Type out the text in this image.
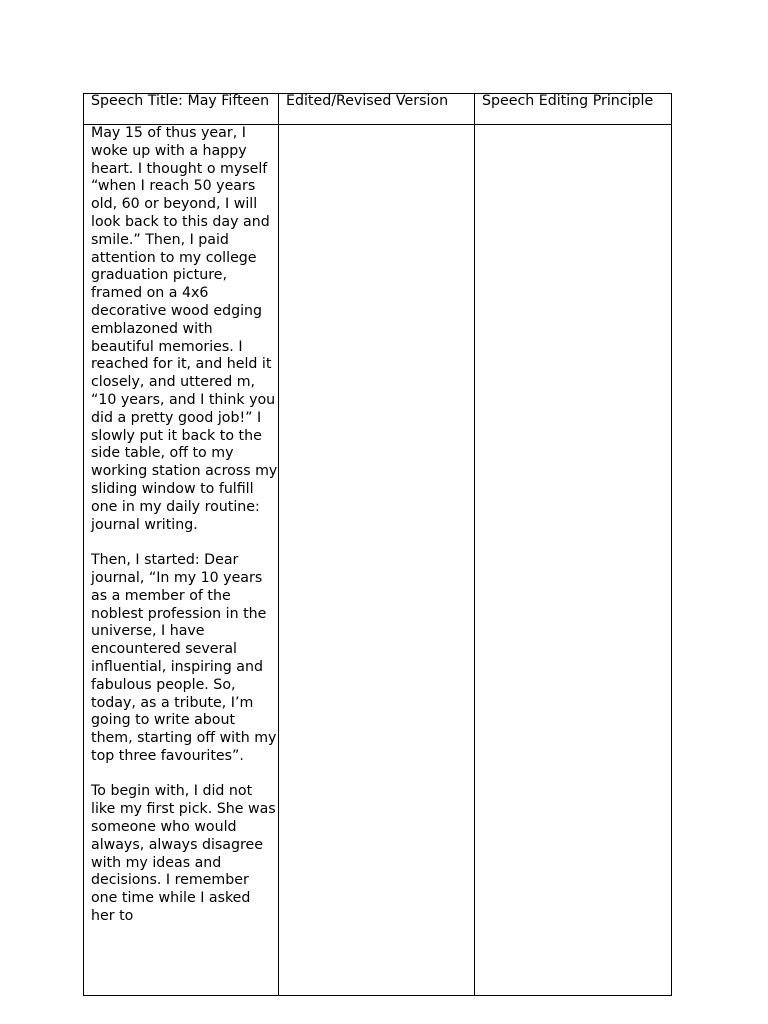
Speech Title: May Fifteen	Edited/Revised Version	Speech Editing Principle

May 15 of thus year, I woke up with a happy heart. I thought o myself “when I reach 50 years old, 60 or beyond, I will look back to this day and smile.” Then, I paid attention to my college graduation picture, framed on a 4x6 decorative wood edging emblazoned with beautiful memories. I reached for it, and held it closely, and uttered m, “10 years, and I think you did a pretty good job!” I slowly put it back to the side table, off to my working station across my sliding window to fulfill one in my daily routine: journal writing.

Then, I started: Dear journal, “In my 10 years as a member of the noblest profession in the universe, I have encountered several influential, inspiring and fabulous people. So, today, as a tribute, I’m going to write about them, starting off with my top three favourites”.

To begin with, I did not like my first pick. She was someone who would always, always disagree with my ideas and decisions. I remember one time while I asked her to		
